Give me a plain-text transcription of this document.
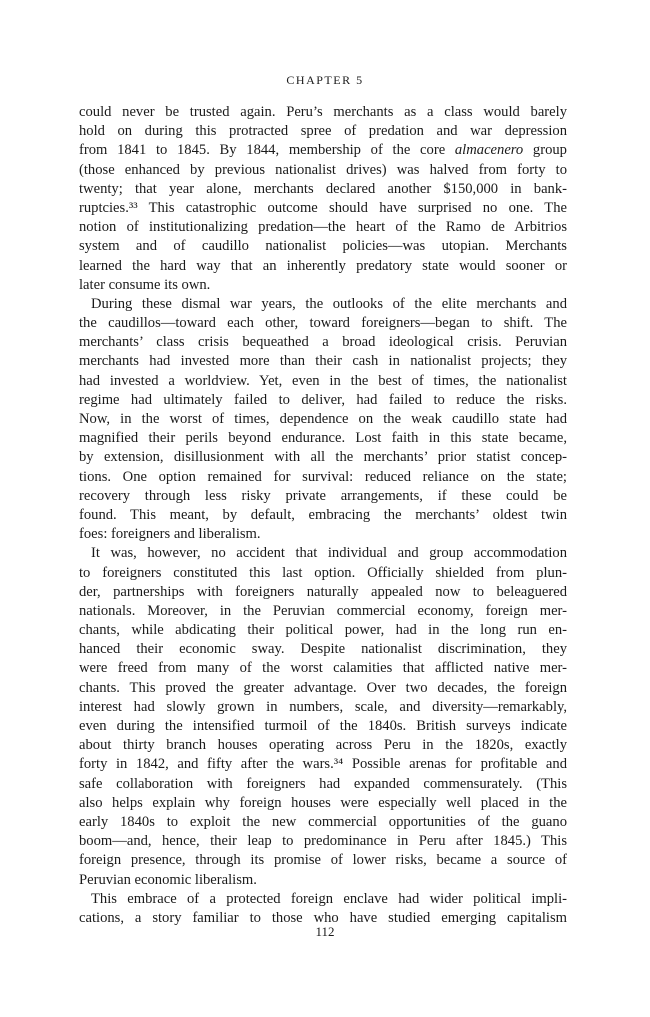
CHAPTER 5
could never be trusted again. Peru’s merchants as a class would barely
hold on during this protracted spree of predation and war depression
from 1841 to 1845. By 1844, membership of the core almacenero group
(those enhanced by previous nationalist drives) was halved from forty to
twenty; that year alone, merchants declared another $150,000 in bank-
ruptcies.³³ This catastrophic outcome should have surprised no one. The
notion of institutionalizing predation—the heart of the Ramo de Arbitrios
system and of caudillo nationalist policies—was utopian. Merchants
learned the hard way that an inherently predatory state would sooner or
later consume its own.
During these dismal war years, the outlooks of the elite merchants and
the caudillos—toward each other, toward foreigners—began to shift. The
merchants’ class crisis bequeathed a broad ideological crisis. Peruvian
merchants had invested more than their cash in nationalist projects; they
had invested a worldview. Yet, even in the best of times, the nationalist
regime had ultimately failed to deliver, had failed to reduce the risks.
Now, in the worst of times, dependence on the weak caudillo state had
magnified their perils beyond endurance. Lost faith in this state became,
by extension, disillusionment with all the merchants’ prior statist concep-
tions. One option remained for survival: reduced reliance on the state;
recovery through less risky private arrangements, if these could be
found. This meant, by default, embracing the merchants’ oldest twin
foes: foreigners and liberalism.
It was, however, no accident that individual and group accommodation
to foreigners constituted this last option. Officially shielded from plun-
der, partnerships with foreigners naturally appealed now to beleaguered
nationals. Moreover, in the Peruvian commercial economy, foreign mer-
chants, while abdicating their political power, had in the long run en-
hanced their economic sway. Despite nationalist discrimination, they
were freed from many of the worst calamities that afflicted native mer-
chants. This proved the greater advantage. Over two decades, the foreign
interest had slowly grown in numbers, scale, and diversity—remarkably,
even during the intensified turmoil of the 1840s. British surveys indicate
about thirty branch houses operating across Peru in the 1820s, exactly
forty in 1842, and fifty after the wars.³⁴ Possible arenas for profitable and
safe collaboration with foreigners had expanded commensurately. (This
also helps explain why foreign houses were especially well placed in the
early 1840s to exploit the new commercial opportunities of the guano
boom—and, hence, their leap to predominance in Peru after 1845.) This
foreign presence, through its promise of lower risks, became a source of
Peruvian economic liberalism.
This embrace of a protected foreign enclave had wider political impli-
cations, a story familiar to those who have studied emerging capitalism
112
